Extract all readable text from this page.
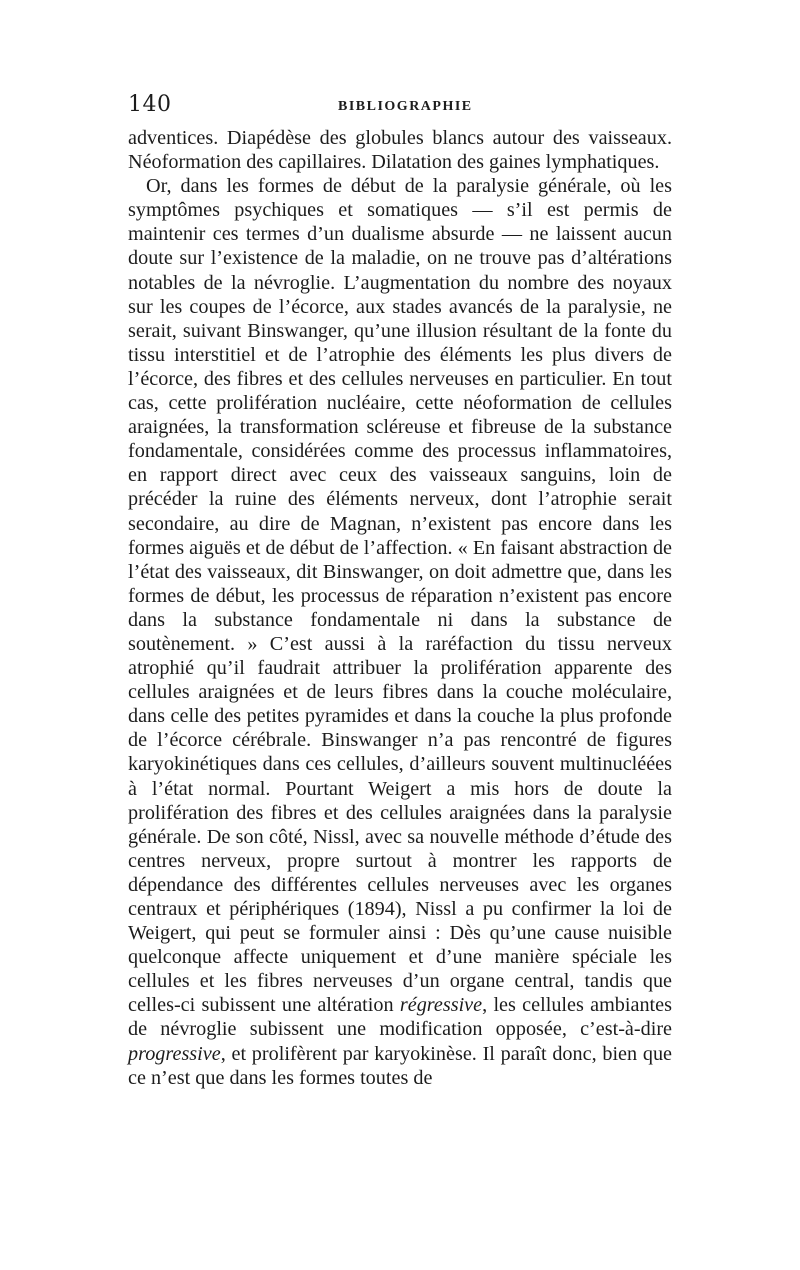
140	BIBLIOGRAPHIE
adventices. Diapédèse des globules blancs autour des vaisseaux. Néoformation des capillaires. Dilatation des gaines lymphatiques.
Or, dans les formes de début de la paralysie générale, où les symptômes psychiques et somatiques — s’il est permis de maintenir ces termes d’un dualisme absurde — ne laissent aucun doute sur l’existence de la maladie, on ne trouve pas d’altérations notables de la névroglie. L’augmentation du nombre des noyaux sur les coupes de l’écorce, aux stades avancés de la paralysie, ne serait, suivant Binswanger, qu’une illusion résultant de la fonte du tissu interstitiel et de l’atrophie des éléments les plus divers de l’écorce, des fibres et des cellules nerveuses en particulier. En tout cas, cette prolifération nucléaire, cette néoformation de cellules araignées, la transformation scléreuse et fibreuse de la substance fondamentale, considérées comme des processus inflammatoires, en rapport direct avec ceux des vaisseaux sanguins, loin de précéder la ruine des éléments nerveux, dont l’atrophie serait secondaire, au dire de Magnan, n’existent pas encore dans les formes aiguës et de début de l’affection. « En faisant abstraction de l’état des vaisseaux, dit Binswanger, on doit admettre que, dans les formes de début, les processus de réparation n’existent pas encore dans la substance fondamentale ni dans la substance de soutènement. » C’est aussi à la raréfaction du tissu nerveux atrophié qu’il faudrait attribuer la prolifération apparente des cellules araignées et de leurs fibres dans la couche moléculaire, dans celle des petites pyramides et dans la couche la plus profonde de l’écorce cérébrale. Binswanger n’a pas rencontré de figures karyokinétiques dans ces cellules, d’ailleurs souvent multinucléées à l’état normal. Pourtant Weigert a mis hors de doute la prolifération des fibres et des cellules araignées dans la paralysie générale. De son côté, Nissl, avec sa nouvelle méthode d’étude des centres nerveux, propre surtout à montrer les rapports de dépendance des différentes cellules nerveuses avec les organes centraux et périphériques (1894), Nissl a pu confirmer la loi de Weigert, qui peut se formuler ainsi : Dès qu’une cause nuisible quelconque affecte uniquement et d’une manière spéciale les cellules et les fibres nerveuses d’un organe central, tandis que celles-ci subissent une altération régressive, les cellules ambiantes de névroglie subissent une modification opposée, c’est-à-dire progressive, et prolifèrent par karyokinèse. Il paraît donc, bien que ce n’est que dans les formes toutes de
